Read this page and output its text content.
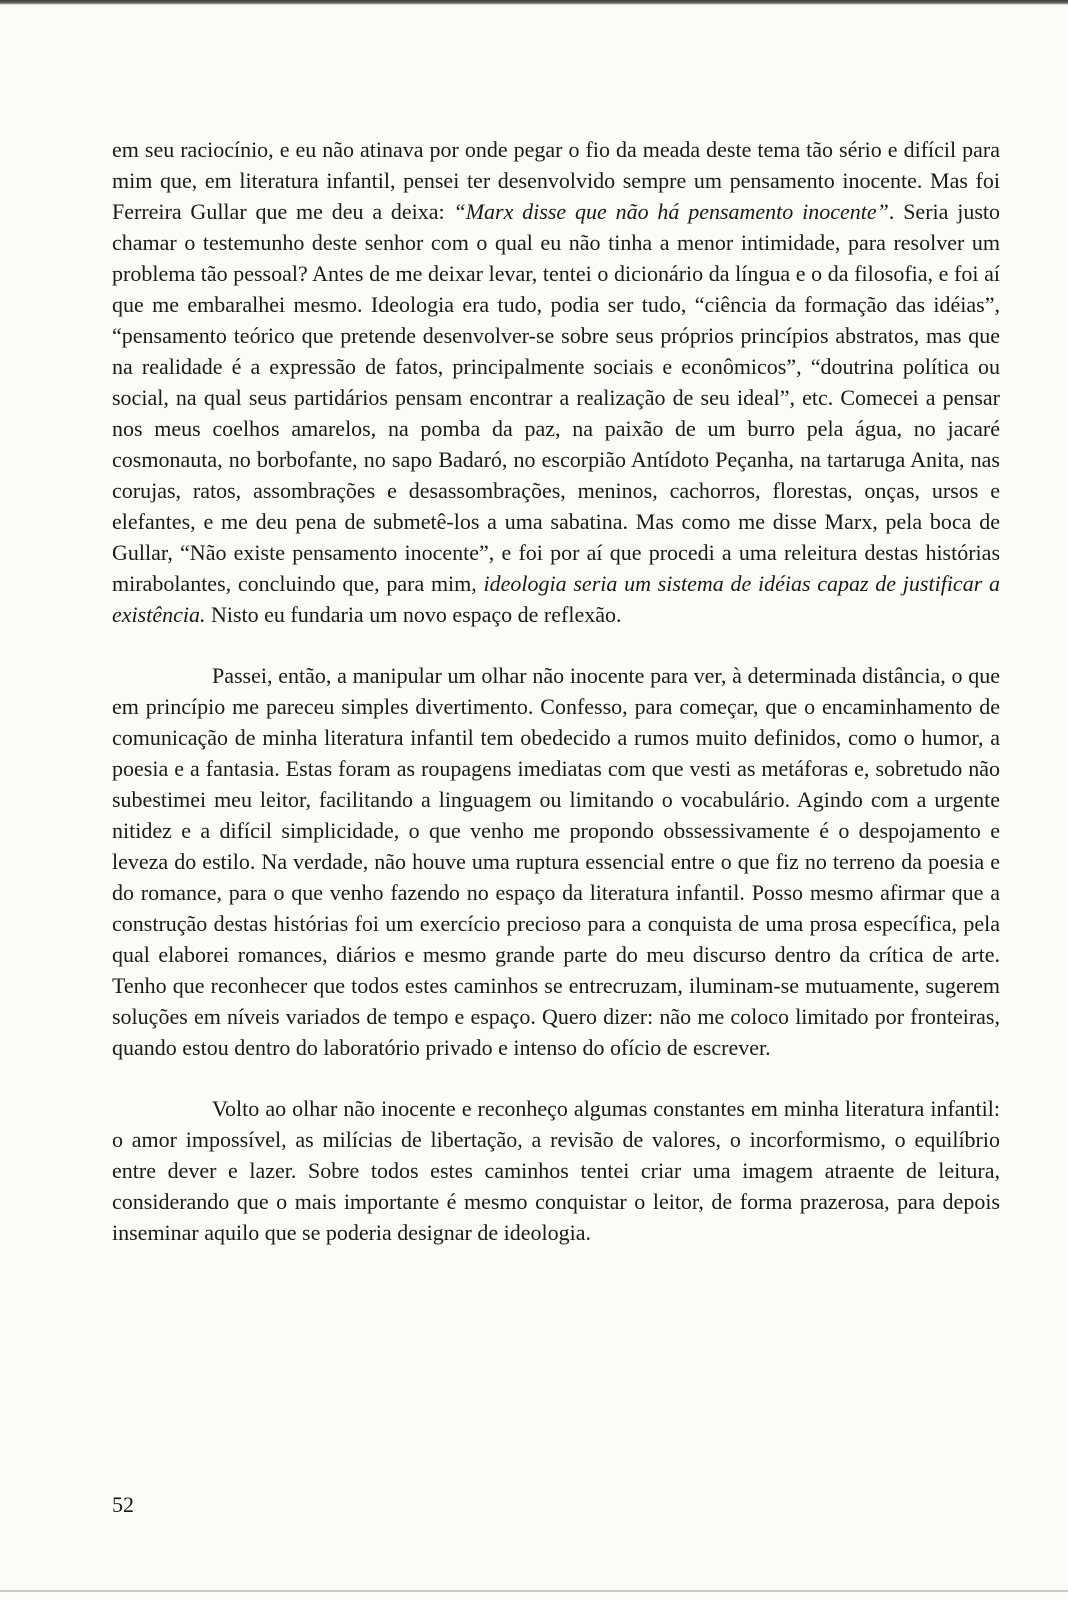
em seu raciocínio, e eu não atinava por onde pegar o fio da meada deste tema tão sério e difícil para mim que, em literatura infantil, pensei ter desenvolvido sempre um pensamento inocente. Mas foi Ferreira Gullar que me deu a deixa: “Marx disse que não há pensamento inocente”. Seria justo chamar o testemunho deste senhor com o qual eu não tinha a menor intimidade, para resolver um problema tão pessoal? Antes de me deixar levar, tentei o dicionário da língua e o da filosofia, e foi aí que me embaralhei mesmo. Ideologia era tudo, podia ser tudo, “ciência da formação das idéias”, “pensamento teórico que pretende desenvolver-se sobre seus próprios princípios abstratos, mas que na realidade é a expressão de fatos, principalmente sociais e econômicos”, “doutrina política ou social, na qual seus partidários pensam encontrar a realização de seu ideal”, etc. Comecei a pensar nos meus coelhos amarelos, na pomba da paz, na paixão de um burro pela água, no jacaré cosmonauta, no borbofante, no sapo Badaró, no escorpião Antídoto Peçanha, na tartaruga Anita, nas corujas, ratos, assombrações e desassombrações, meninos, cachorros, florestas, onças, ursos e elefantes, e me deu pena de submetê-los a uma sabatina. Mas como me disse Marx, pela boca de Gullar, “Não existe pensamento inocente”, e foi por aí que procedi a uma releitura destas histórias mirabolantes, concluindo que, para mim, ideologia seria um sistema de idéias capaz de justificar a existência. Nisto eu fundaria um novo espaço de reflexão.

Passei, então, a manipular um olhar não inocente para ver, à determinada distância, o que em princípio me pareceu simples divertimento. Confesso, para começar, que o encaminhamento de comunicação de minha literatura infantil tem obedecido a rumos muito definidos, como o humor, a poesia e a fantasia. Estas foram as roupagens imediatas com que vesti as metáforas e, sobretudo não subestimei meu leitor, facilitando a linguagem ou limitando o vocabulário. Agindo com a urgente nitidez e a difícil simplicidade, o que venho me propondo obssessivamente é o despojamento e leveza do estilo. Na verdade, não houve uma ruptura essencial entre o que fiz no terreno da poesia e do romance, para o que venho fazendo no espaço da literatura infantil. Posso mesmo afirmar que a construção destas histórias foi um exercício precioso para a conquista de uma prosa específica, pela qual elaborei romances, diários e mesmo grande parte do meu discurso dentro da crítica de arte. Tenho que reconhecer que todos estes caminhos se entrecruzam, iluminam-se mutuamente, sugerem soluções em níveis variados de tempo e espaço. Quero dizer: não me coloco limitado por fronteiras, quando estou dentro do laboratório privado e intenso do ofício de escrever.

Volto ao olhar não inocente e reconheço algumas constantes em minha literatura infantil: o amor impossível, as milícias de libertação, a revisão de valores, o incorformismo, o equilíbrio entre dever e lazer. Sobre todos estes caminhos tentei criar uma imagem atraente de leitura, considerando que o mais importante é mesmo conquistar o leitor, de forma prazerosa, para depois inseminar aquilo que se poderia designar de ideologia.

52
